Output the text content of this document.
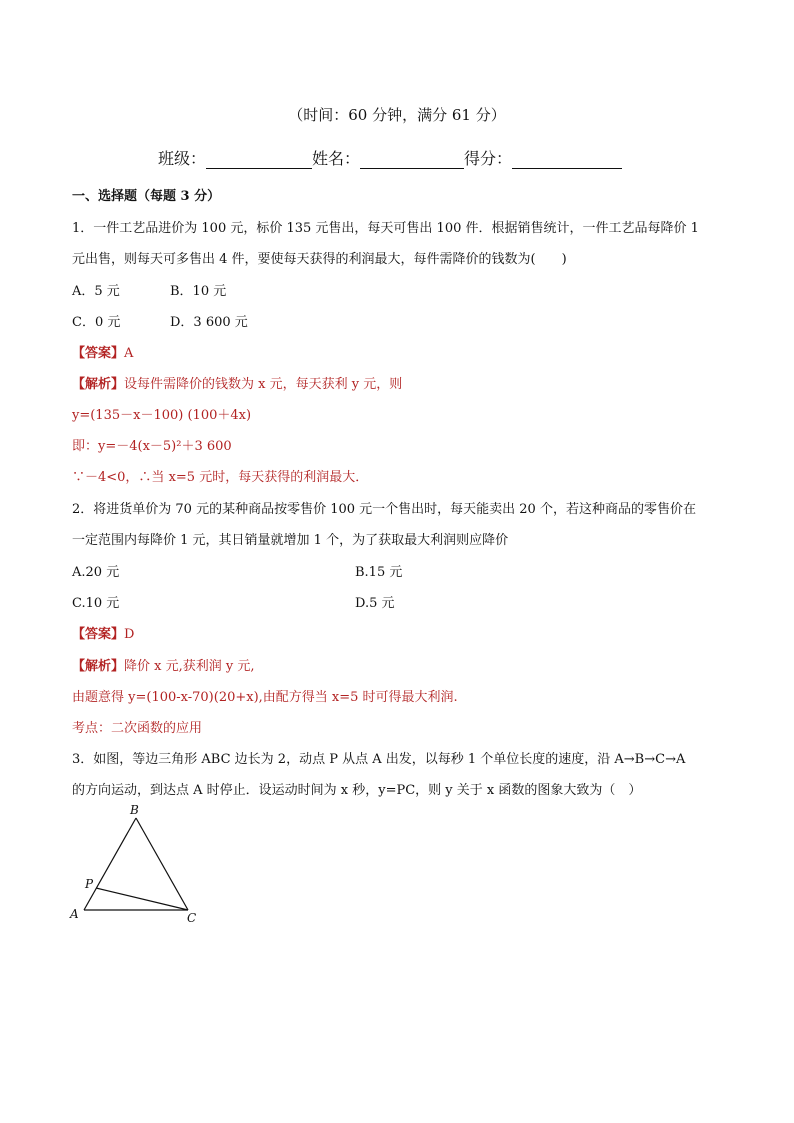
（时间：60 分钟，满分 61 分）
班级：	姓名：	得分：
一、选择题（每题 3 分）
1．一件工艺品进价为 100 元，标价 135 元售出，每天可售出 100 件．根据销售统计，一件工艺品每降价 1
元出售，则每天可多售出 4 件，要使每天获得的利润最大，每件需降价的钱数为(　　)
A．5 元	B．10 元
C．0 元	D．3 600 元
【答案】A
【解析】设每件需降价的钱数为 x 元，每天获利 y 元，则
y=(135－x－100) (100＋4x)
即：y=－4(x－5)²＋3 600
∵－4<0，∴当 x=5 元时，每天获得的利润最大．
2．将进货单价为 70 元的某种商品按零售价 100 元一个售出时，每天能卖出 20 个，若这种商品的零售价在
一定范围内每降价 1 元，其日销量就增加 1 个，为了获取最大利润则应降价
A.20 元	B.15 元
C.10 元	D.5 元
【答案】D
【解析】降价 x 元,获利润 y 元,
由题意得 y=(100-x-70)(20+x),由配方得当 x=5 时可得最大利润.
考点：二次函数的应用
3．如图，等边三角形 ABC 边长为 2，动点 P 从点 A 出发，以每秒 1 个单位长度的速度，沿 A→B→C→A
的方向运动，到达点 A 时停止．设运动时间为 x 秒，y=PC，则 y 关于 x 函数的图象大致为（　）
A
B
C
P
